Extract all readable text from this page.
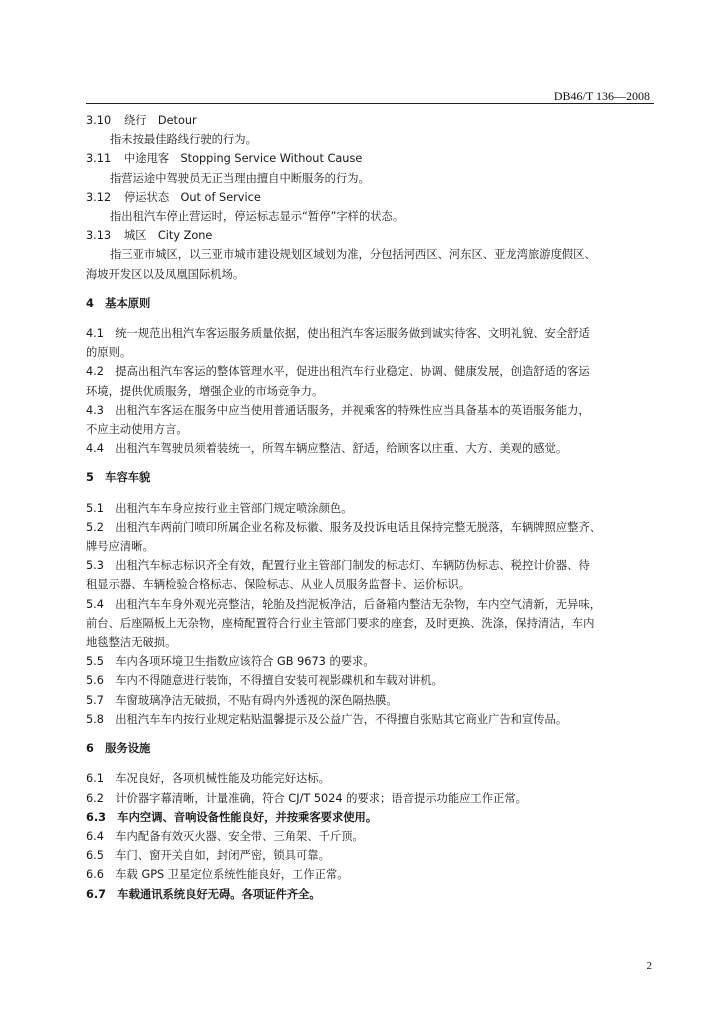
DB46/T 136—2008

3.10 绕行　Detour

指未按最佳路线行驶的行为。

3.11 中途甩客　Stopping Service Without Cause

指营运途中驾驶员无正当理由擅自中断服务的行为。

3.12 停运状态　Out of Service

指出租汽车停止营运时，停运标志显示“暂停”字样的状态。

3.13 城区　City Zone

指三亚市城区，以三亚市城市建设规划区域划为准，分包括河西区、河东区、亚龙湾旅游度假区、

海坡开发区以及凤凰国际机场。

4　基本原则

4.1　统一规范出租汽车客运服务质量依据，使出租汽车客运服务做到诚实待客、文明礼貌、安全舒适

的原则。

4.2　提高出租汽车客运的整体管理水平，促进出租汽车行业稳定、协调、健康发展，创造舒适的客运

环境，提供优质服务，增强企业的市场竞争力。

4.3　出租汽车客运在服务中应当使用普通话服务，并视乘客的特殊性应当具备基本的英语服务能力，

不应主动使用方言。

4.4　出租汽车驾驶员须着装统一，所驾车辆应整洁、舒适，给顾客以庄重、大方、美观的感觉。

5　车容车貌

5.1　出租汽车车身应按行业主管部门规定喷涂颜色。

5.2　出租汽车两前门喷印所属企业名称及标徽、服务及投诉电话且保持完整无脱落，车辆牌照应整齐、

牌号应清晰。

5.3　出租汽车标志标识齐全有效，配置行业主管部门制发的标志灯、车辆防伪标志、税控计价器、待

租显示器、车辆检验合格标志、保险标志、从业人员服务监督卡、运价标识。

5.4　出租汽车车身外观光亮整洁，轮胎及挡泥板净洁，后备箱内整洁无杂物，车内空气清新，无异味，

前台、后座隔板上无杂物，座椅配置符合行业主管部门要求的座套，及时更换、洗涤，保持清洁，车内

地毯整洁无破损。

5.5　车内各项环境卫生指数应该符合 GB 9673 的要求。

5.6　车内不得随意进行装饰，不得擅自安装可视影碟机和车载对讲机。

5.7　车窗玻璃净洁无破损，不贴有碍内外透视的深色隔热膜。

5.8　出租汽车车内按行业规定粘贴温馨提示及公益广告，不得擅自张贴其它商业广告和宣传品。

6　服务设施

6.1　车况良好，各项机械性能及功能完好达标。

6.2　计价器字幕清晰，计量准确，符合 CJ/T 5024 的要求；语音提示功能应工作正常。

6.3　车内空调、音响设备性能良好，并按乘客要求使用。

6.4　车内配备有效灭火器、安全带、三角架、千斤顶。

6.5　车门、窗开关自如，封闭严密，锁具可靠。

6.6　车载 GPS 卫星定位系统性能良好，工作正常。

6.7　车载通讯系统良好无碍。各项证件齐全。

2
